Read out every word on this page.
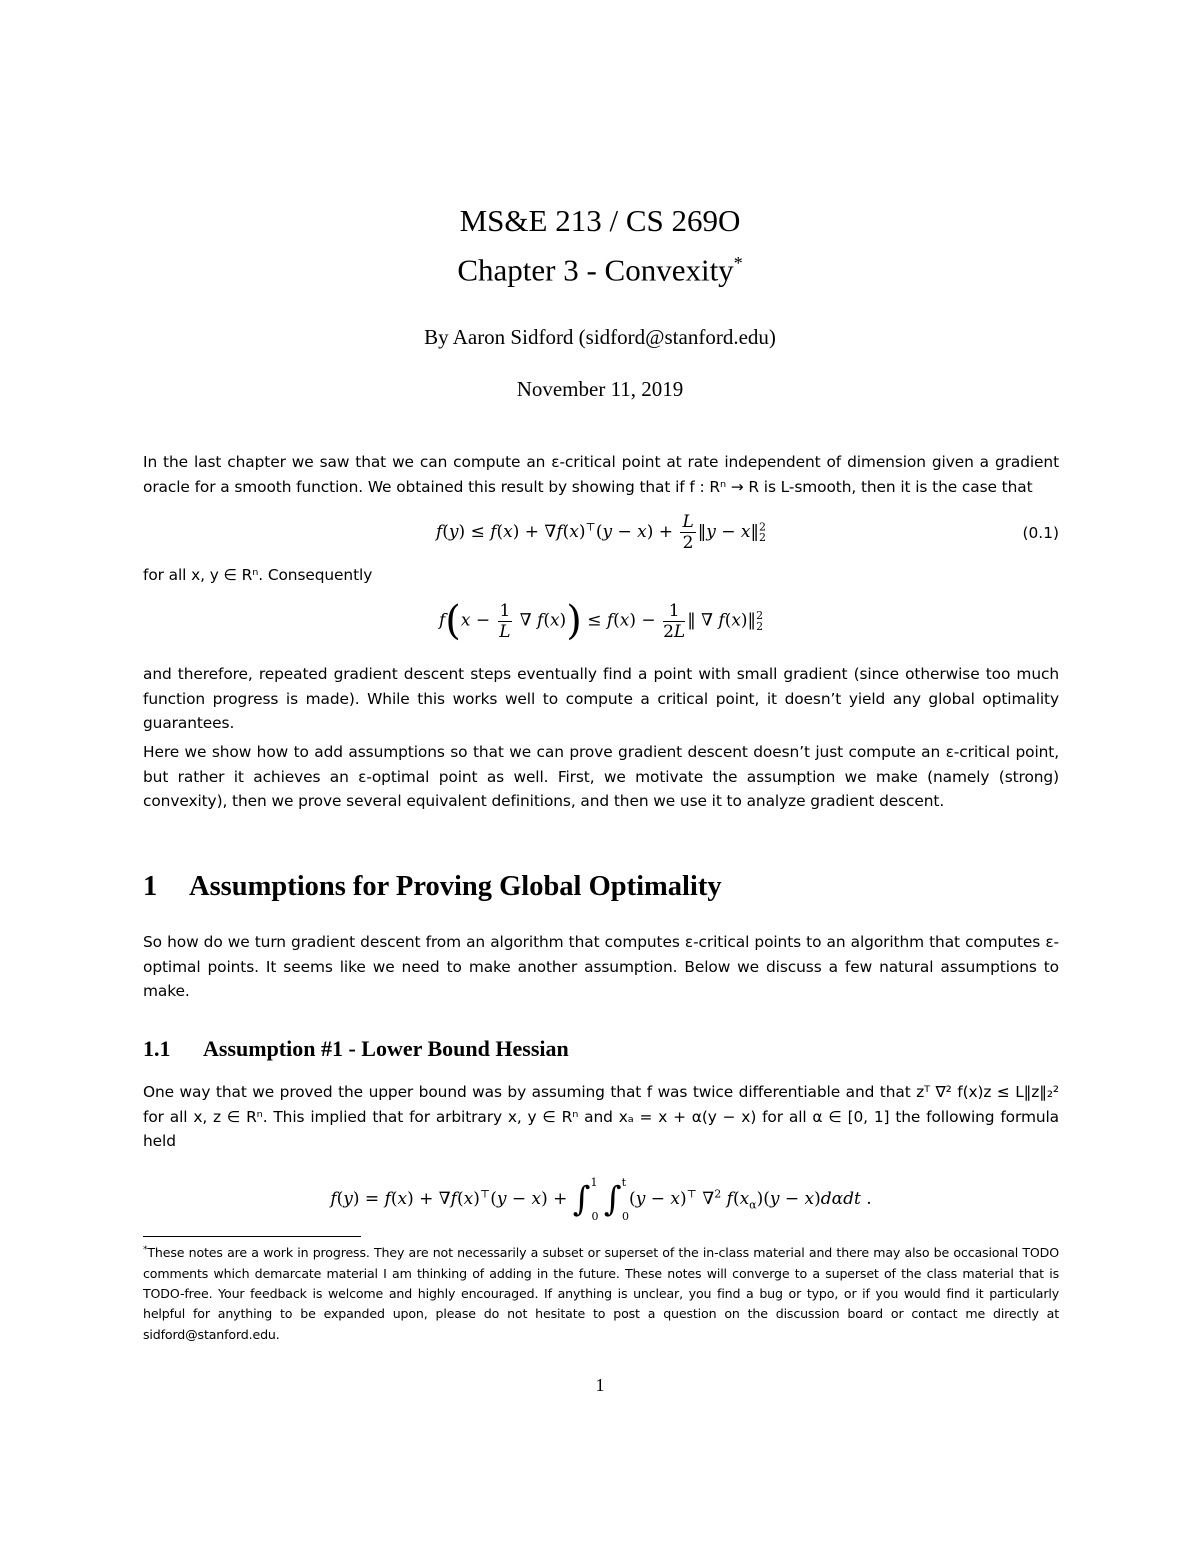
MS&E 213 / CS 269O
Chapter 3 - Convexity*
By Aaron Sidford (sidford@stanford.edu)
November 11, 2019

In the last chapter we saw that we can compute an ε-critical point at rate independent of dimension given a gradient oracle for a smooth function. We obtained this result by showing that if f : Rⁿ → R is L-smooth, then it is the case that

$f(y) \le f(x) + \nabla f(x)^⊤(y - x) + \frac{L}{2}$ ‖y − x‖$^2_2$	(0.1)

for all x, y ∈ Rⁿ. Consequently

$f(x - \frac{1}{L}$ ∇ $f(x)) \le f(x) - \frac{1}{2L}$ ‖ ∇ f(x)‖$^2_2$

and therefore, repeated gradient descent steps eventually find a point with small gradient (since otherwise too much function progress is made). While this works well to compute a critical point, it doesn’t yield any global optimality guarantees.

Here we show how to add assumptions so that we can prove gradient descent doesn’t just compute an ε-critical point, but rather it achieves an ε-optimal point as well. First, we motivate the assumption we make (namely (strong) convexity), then we prove several equivalent definitions, and then we use it to analyze gradient descent.

1 Assumptions for Proving Global Optimality

So how do we turn gradient descent from an algorithm that computes ε-critical points to an algorithm that computes ε-optimal points. It seems like we need to make another assumption. Below we discuss a few natural assumptions to make.

1.1 Assumption #1 - Lower Bound Hessian

One way that we proved the upper bound was by assuming that f was twice differentiable and that zᵀ ∇² f(x)z ≤ L‖z‖₂² for all x, z ∈ Rⁿ. This implied that for arbitrary x, y ∈ Rⁿ and xₐ = x + α(y − x) for all α ∈ [0, 1] the following formula held

f(y) = f(x) + ∇f(x)⊤(y − x) + ∫$^1_0$ ∫$^t_0$(y − x)⊤ ∇$^2$ $f(x_\alpha)(y - x)d\alpha dt$ .
*These notes are a work in progress. They are not necessarily a subset or superset of the in-class material and there may also be occasional TODO comments which demarcate material I am thinking of adding in the future. These notes will converge to a superset of the class material that is TODO-free. Your feedback is welcome and highly encouraged. If anything is unclear, you find a bug or typo, or if you would find it particularly helpful for anything to be expanded upon, please do not hesitate to post a question on the discussion board or contact me directly at sidford@stanford.edu.
1
